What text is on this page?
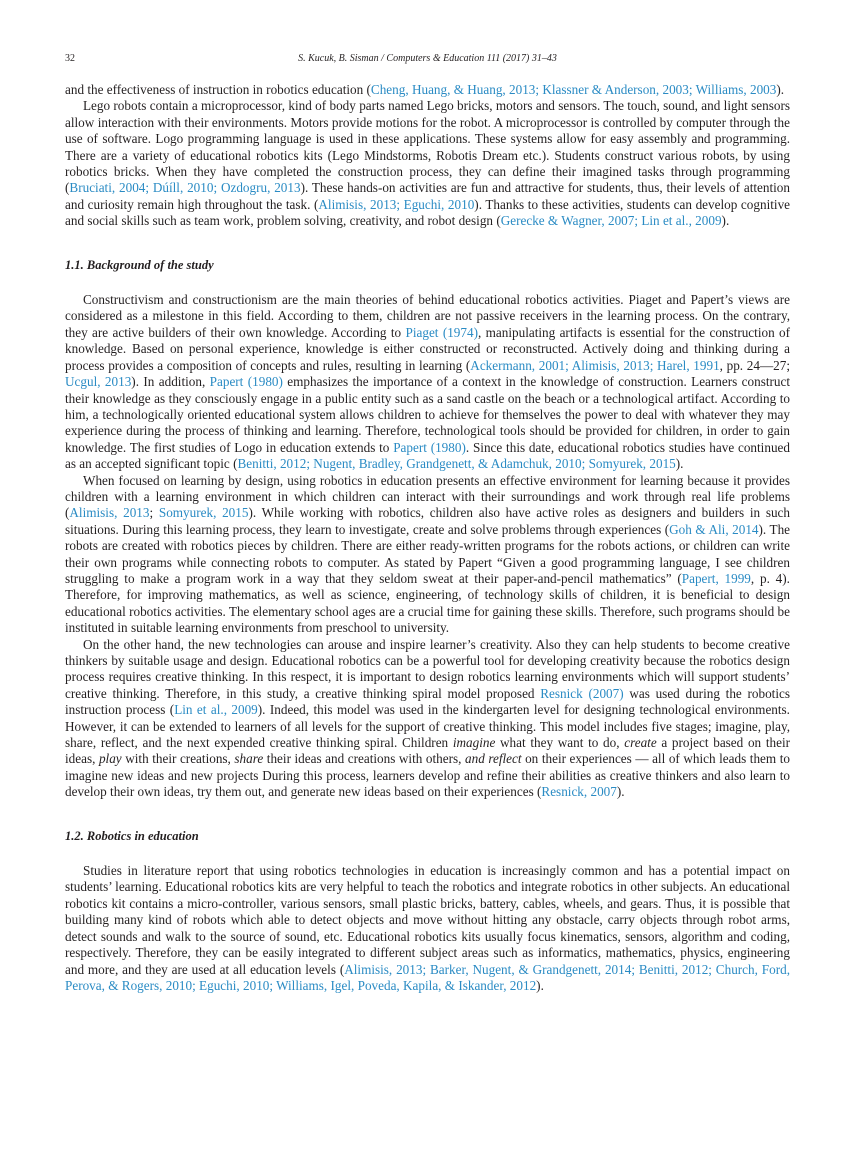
32	S. Kucuk, B. Sisman / Computers & Education 111 (2017) 31–43

and the effectiveness of instruction in robotics education (Cheng, Huang, & Huang, 2013; Klassner & Anderson, 2003; Williams, 2003).

Lego robots contain a microprocessor, kind of body parts named Lego bricks, motors and sensors. The touch, sound, and light sensors allow interaction with their environments. Motors provide motions for the robot. A microprocessor is controlled by computer through the use of software. Logo programming language is used in these applications. These systems allow for easy assembly and programming. There are a variety of educational robotics kits (Lego Mindstorms, Robotis Dream etc.). Students construct various robots, by using robotics bricks. When they have completed the construction process, they can define their imagined tasks through programming (Bruciati, 2004; Dúíll, 2010; Ozdogru, 2013). These hands-on activities are fun and attractive for students, thus, their levels of attention and curiosity remain high throughout the task. (Alimisis, 2013; Eguchi, 2010). Thanks to these activities, students can develop cognitive and social skills such as team work, problem solving, creativity, and robot design (Gerecke & Wagner, 2007; Lin et al., 2009).

1.1. Background of the study

Constructivism and constructionism are the main theories of behind educational robotics activities. Piaget and Papert’s views are considered as a milestone in this field. According to them, children are not passive receivers in the learning process. On the contrary, they are active builders of their own knowledge. According to Piaget (1974), manipulating artifacts is essential for the construction of knowledge. Based on personal experience, knowledge is either constructed or reconstructed. Actively doing and thinking during a process provides a composition of concepts and rules, resulting in learning (Ackermann, 2001; Alimisis, 2013; Harel, 1991, pp. 24—27; Ucgul, 2013). In addition, Papert (1980) emphasizes the importance of a context in the knowledge of construction. Learners construct their knowledge as they consciously engage in a public entity such as a sand castle on the beach or a technological artifact. According to him, a technologically oriented educational system allows children to achieve for themselves the power to deal with whatever they may experience during the process of thinking and learning. Therefore, technological tools should be provided for children, in order to gain knowledge. The first studies of Logo in education extends to Papert (1980). Since this date, educational robotics studies have continued as an accepted significant topic (Benitti, 2012; Nugent, Bradley, Grandgenett, & Adamchuk, 2010; Somyurek, 2015).

When focused on learning by design, using robotics in education presents an effective environment for learning because it provides children with a learning environment in which children can interact with their surroundings and work through real life problems (Alimisis, 2013; Somyurek, 2015). While working with robotics, children also have active roles as designers and builders in such situations. During this learning process, they learn to investigate, create and solve problems through experiences (Goh & Ali, 2014). The robots are created with robotics pieces by children. There are either ready-written programs for the robots actions, or children can write their own programs while connecting robots to computer. As stated by Papert “Given a good programming language, I see children struggling to make a program work in a way that they seldom sweat at their paper-and-pencil mathematics” (Papert, 1999, p. 4). Therefore, for improving mathematics, as well as science, engineering, of technology skills of children, it is beneficial to design educational robotics activities. The elementary school ages are a crucial time for gaining these skills. Therefore, such programs should be instituted in suitable learning environments from preschool to university.

On the other hand, the new technologies can arouse and inspire learner’s creativity. Also they can help students to become creative thinkers by suitable usage and design. Educational robotics can be a powerful tool for developing creativity because the robotics design process requires creative thinking. In this respect, it is important to design robotics learning environments which will support students’ creative thinking. Therefore, in this study, a creative thinking spiral model proposed Resnick (2007) was used during the robotics instruction process (Lin et al., 2009). Indeed, this model was used in the kindergarten level for designing technological environments. However, it can be extended to learners of all levels for the support of creative thinking. This model includes five stages; imagine, play, share, reflect, and the next expended creative thinking spiral. Children imagine what they want to do, create a project based on their ideas, play with their creations, share their ideas and creations with others, and reflect on their experiences — all of which leads them to imagine new ideas and new projects During this process, learners develop and refine their abilities as creative thinkers and also learn to develop their own ideas, try them out, and generate new ideas based on their experiences (Resnick, 2007).

1.2. Robotics in education

Studies in literature report that using robotics technologies in education is increasingly common and has a potential impact on students’ learning. Educational robotics kits are very helpful to teach the robotics and integrate robotics in other subjects. An educational robotics kit contains a micro-controller, various sensors, small plastic bricks, battery, cables, wheels, and gears. Thus, it is possible that building many kind of robots which able to detect objects and move without hitting any obstacle, carry objects through robot arms, detect sounds and walk to the source of sound, etc. Educational robotics kits usually focus kinematics, sensors, algorithm and coding, respectively. Therefore, they can be easily integrated to different subject areas such as informatics, mathematics, physics, engineering and more, and they are used at all education levels (Alimisis, 2013; Barker, Nugent, & Grandgenett, 2014; Benitti, 2012; Church, Ford, Perova, & Rogers, 2010; Eguchi, 2010; Williams, Igel, Poveda, Kapila, & Iskander, 2012).
